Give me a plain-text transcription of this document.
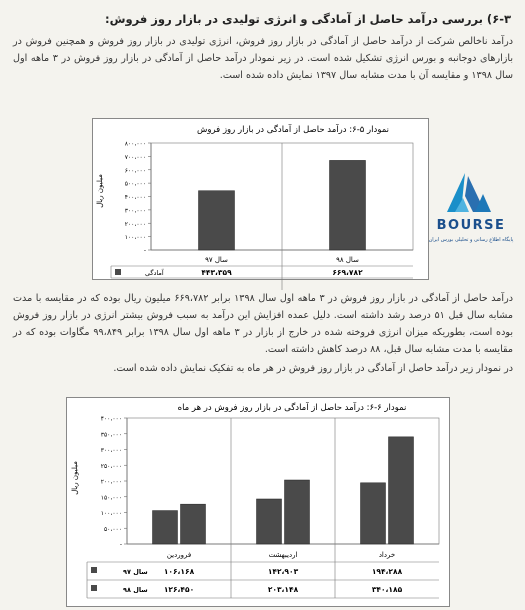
۶-۳) بررسی درآمد حاصل از آمادگی و انرژی تولیدی در بازار روز فروش:
درآمد ناخالص شرکت از درآمد حاصل از آمادگی در بازار روز فروش، انرژی تولیدی در بازار روز فروش و همچنین فروش در بازارهای دوجانبه و بورس انرژی تشکیل شده است. در زیر نمودار درآمد حاصل از آمادگی در بازار روز فروش در ۳ ماهه اول سال ۱۳۹۸ و مقایسه آن با مدت مشابه سال ۱۳۹۷ نمایش داده شده است.
نمودار ۵-۶: درآمد حاصل از آمادگی در بازار روز فروش
میلیون ریال
۸۰۰،۰۰۰
۷۰۰،۰۰۰
۶۰۰،۰۰۰
۵۰۰،۰۰۰
۴۰۰،۰۰۰
۳۰۰،۰۰۰
۲۰۰،۰۰۰
۱۰۰،۰۰۰
-
سال ۹۷
۴۴۳،۳۵۹
سال ۹۸
۶۶۹،۷۸۲
آمادگی
BOURSE
پایگاه اطلاع رسانی و تحلیلی بورس ایران
درآمد حاصل از آمادگی در بازار روز فروش در ۳ ماهه اول سال ۱۳۹۸ برابر ۶۶۹،۷۸۲ میلیون ریال بوده که در مقایسه با مدت مشابه سال قبل ۵۱ درصد رشد داشته است. دلیل عمده افزایش این درآمد به سبب فروش بیشتر انرژی در بازار روز فروش بوده است، بطوریکه میزان انرژی فروخته شده در خارج از بازار در ۳ ماهه اول سال ۱۳۹۸ برابر ۹۹،۸۴۹ مگاوات بوده که در مقایسه با مدت مشابه سال قبل، ۸۸ درصد کاهش داشته است.
در نمودار زیر درآمد حاصل از آمادگی در بازار روز فروش در هر ماه به تفکیک نمایش داده شده است.
نمودار ۶-۶: درآمد حاصل از آمادگی در بازار روز فروش در هر ماه
میلیون ریال
۴۰۰،۰۰۰
۳۵۰،۰۰۰
۳۰۰،۰۰۰
۲۵۰،۰۰۰
۲۰۰،۰۰۰
۱۵۰،۰۰۰
۱۰۰،۰۰۰
۵۰،۰۰۰
-
فروردین
۱۰۶،۱۶۸
۱۲۶،۴۵۰
اردیبهشت
۱۴۲،۹۰۳
۲۰۳،۱۴۸
خرداد
۱۹۴،۲۸۸
۳۴۰،۱۸۵
سال ۹۷
سال ۹۸
